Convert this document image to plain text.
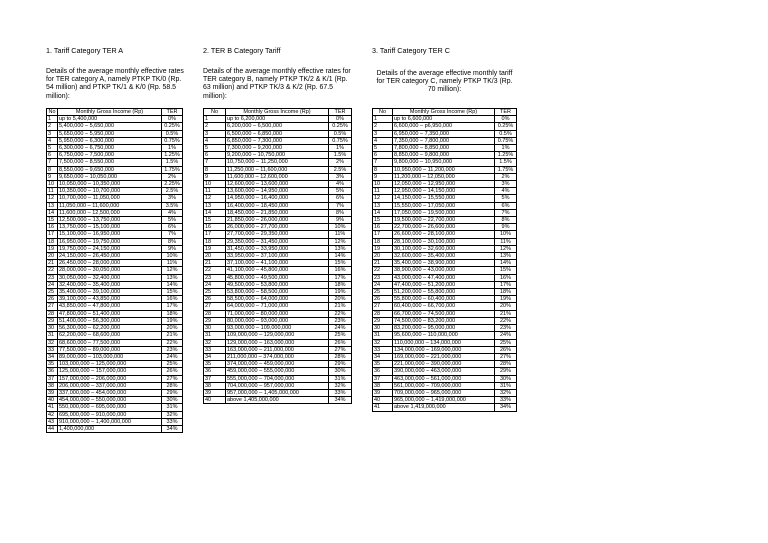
1. Tariff Category TER A
Details of the average monthly effective rates for TER category A, namely PTKP TK/0 (Rp. 54 million) and PTKP TK/1 & K/0 (Rp. 58.5 million):
No	Monthly Gross Income (Rp)	TER
1	up to 5,400,000	0%
2	5,400,000 – 5,650,000	0.25%
3	5,650,000 – 5,950,000	0.5%
4	5,950,000 – 6,300,000	0.75%
5	6,300,000 – 6,750,000	1%
6	6,750,000 – 7,500,000	1.25%
7	7,500,000 – 8,550,000	1.5%
8	8,550,000 – 9,650,000	1.75%
9	9,650,000 – 10,050,000	2%
10	10,050,000 – 10,350,000	2.25%
11	10,350,000 – 10,700,000	2.5%
12	10,700,000 – 11,050,000	3%
13	11,050,000 – 11,600,000	3.5%
14	11,600,000 – 12,500,000	4%
15	12,500,000 – 13,750,000	5%
16	13,750,000 – 15,100,000	6%
17	15,100,000 – 16,950,000	7%
18	16,950,000 – 19,750,000	8%
19	19,750,000 – 24,150,000	9%
20	24,150,000 – 26,450,000	10%
21	26,450,000 – 28,000,000	11%
22	28,000,000 – 30,050,000	12%
23	30,050,000 – 32,400,000	13%
24	32,400,000 – 35,400,000	14%
25	35,400,000 – 39,100,000	15%
26	39,100,000 – 43,850,000	16%
27	43,850,000 – 47,800,000	17%
28	47,800,000 – 51,400,000	18%
29	51,400,000 – 56,300,000	19%
30	56,300,000 – 62,200,000	20%
31	62,200,000 – 68,600,000	21%
32	68,600,000 – 77,500,000	22%
33	77,500,000 – 89,000,000	23%
34	89,000,000 – 103,000,000	24%
35	103,000,000 – 125,000,000	25%
36	125,000,000 – 157,000,000	26%
37	157,000,000 – 206,000,000	27%
38	206,000,000 – 337,000,000	28%
39	337,000,000 – 454,000,000	29%
40	454,000,000 – 550,000,000	30%
41	550,000,000 – 695,000,000	31%
42	695,000,000 – 910,000,000	32%
43	910,000,000 – 1,400,000,000	33%
44	1,400,000,000	34%
2. TER B Category Tariff
Details of the average monthly effective rates for TER category B, namely PTKP TK/2 & K/1 (Rp. 63 million) and PTKP TK/3 & K/2 (Rp. 67.5 million):
No	Monthly Gross Income (Rp)	TER
1	up to 6,200,000	0%
2	6,200,000 – 6,500,000	0.25%
3	6,500,000 – 6,850,000	0.5%
4	6,850,000 – 7,300,000	0.75%
5	7,300,000 – 9,200,000	1%
6	9,200,000 – 10,750,000	1.5%
7	10,750,000 – 11,250,000	2%
8	11,250,000 – 11,600,000	2.5%
9	11,600,000 – 12,600,000	3%
10	12,600,000 – 13,600,000	4%
11	13,600,000 – 14,950,000	5%
12	14,950,000 – 16,400,000	6%
13	16,400,000 – 18,450,000	7%
14	18,450,000 – 21,850,000	8%
15	21,850,000 – 26,000,000	9%
16	26,000,000 – 27,700,000	10%
17	27,700,000 – 29,350,000	11%
18	29,350,000 – 31,450,000	12%
19	31,450,000 – 33,950,000	13%
20	33,950,000 – 37,100,000	14%
21	37,100,000 – 41,100,000	15%
22	41,100,000 – 45,800,000	16%
23	45,800,000 – 49,500,000	17%
24	49,500,000 – 53,800,000	18%
25	53,800,000 – 58,500,000	19%
26	58,500,000 – 64,000,000	20%
27	64,000,000 – 71,000,000	21%
28	71,000,000 – 80,000,000	22%
29	80,000,000 – 93,000,000	23%
30	93,000,000 – 109,000,000	24%
31	109,000,000 – 129,000,000	25%
32	129,000,000 – 163,000,000	26%
33	163,000,000 – 211,000,000	27%
34	211,000,000 – 374,000,000	28%
35	374,000,000 – 459,000,000	29%
36	459,000,000 – 555,000,000	30%
37	555,000,000 – 704,000,000	31%
38	704,000,000 – 957,000,000	32%
39	957,000,000 – 1,405,000,000	33%
40	above 1,405,000,000	34%
3. Tariff Category TER C
Details of the average effective monthly tariff for TER category C, namely PTKP TK/3 (Rp. 70 million):
No	Monthly Gross Income (Rp)	TER
1	up to 6,600,000	0%
2	6,600,000 – p6,950,000	0.25%
3	6,950,000 – 7,350,000	0.5%
4	7,350,000 – 7,800,000	0.75%
5	7,800,000 – 8,850,000	1%
6	8,850,000 – 9,800,000	1.25%
7	9,800,000 – 10,950,000	1.5%
8	10,950,000 – 11,200,000	1.75%
9	11,200,000 – 12,050,000	2%
10	12,050,000 – 12,950,000	3%
11	12,950,000 – 14,150,000	4%
12	14,150,000 – 15,550,000	5%
13	15,550,000 – 17,050,000	6%
14	17,050,000 – 19,500,000	7%
15	19,500,000 – 22,700,000	8%
16	22,700,000 – 26,600,000	9%
17	26,600,000 – 28,100,000	10%
18	28,100,000 – 30,100,000	11%
19	30,100,000 – 32,600,000	12%
20	32,600,000 – 35,400,000	13%
21	35,400,000 – 38,900,000	14%
22	38,900,000 – 43,000,000	15%
23	43,000,000 – 47,400,000	16%
24	47,400,000 – 51,200,000	17%
25	51,200,000 – 55,800,000	18%
26	55,800,000 – 60,400,000	19%
27	60,400,000 – 66,700,000	20%
28	66,700,000 – 74,500,000	21%
29	74,500,000 – 83,200,000	22%
30	83,200,000 – 95,000,000	23%
31	95,600,000 – 110,000,000	24%
32	110,000,000 – 134,000,000	25%
33	134,000,000 – 169,000,000	26%
34	169,000,000 – 221,000,000	27%
35	221,000,000 – 390,000,000	28%
36	390,000,000 – 463,000,000	29%
37	463,000,000 – 561,000,000	30%
38	561,000,000 – 709,000,000	31%
39	709,000,000 – 965,000,000	32%
40	965,000,000 – 1,419,000,000	33%
41	above 1,419,000,000	34%
